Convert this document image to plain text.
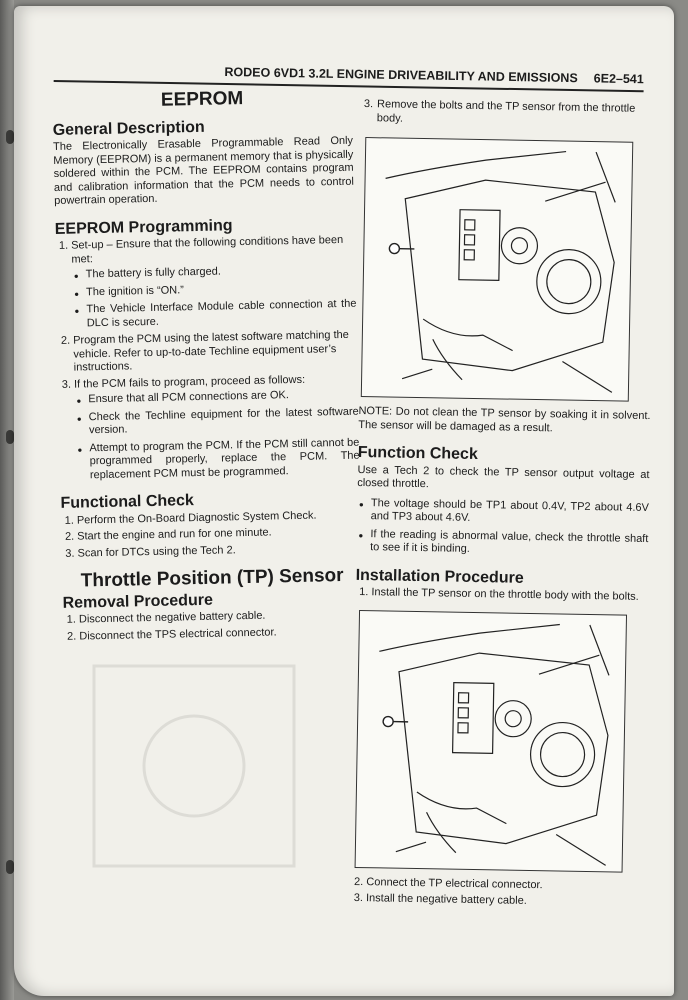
RODEO 6VD1 3.2L ENGINE DRIVEABILITY AND EMISSIONS 6E2–541
EEPROM
General Description

The Electronically Erasable Programmable Read Only Memory (EEPROM) is a permanent memory that is physically soldered within the PCM. The EEPROM contains program and calibration information that the PCM needs to control powertrain operation.

EEPROM Programming
1. Set-up – Ensure that the following conditions have been met:
● The battery is fully charged.
● The ignition is “ON.”
● The Vehicle Interface Module cable connection at the DLC is secure.
2. Program the PCM using the latest software matching the vehicle. Refer to up-to-date Techline equipment user’s instructions.
3. If the PCM fails to program, proceed as follows:
● Ensure that all PCM connections are OK.
● Check the Techline equipment for the latest software version.
● Attempt to program the PCM. If the PCM still cannot be programmed properly, replace the PCM. The replacement PCM must be programmed.
Functional Check
1. Perform the On-Board Diagnostic System Check.
2. Start the engine and run for one minute.
3. Scan for DTCs using the Tech 2.
Throttle Position (TP) Sensor
Removal Procedure
1. Disconnect the negative battery cable.
2. Disconnect the TPS electrical connector.
3. Remove the bolts and the TP sensor from the throttle body.

NOTE: Do not clean the TP sensor by soaking it in solvent. The sensor will be damaged as a result.

Function Check

Use a Tech 2 to check the TP sensor output voltage at closed throttle.

● The voltage should be TP1 about 0.4V, TP2 about 4.6V and TP3 about 4.6V.
● If the reading is abnormal value, check the throttle shaft to see if it is binding.
Installation Procedure
1. Install the TP sensor on the throttle body with the bolts.
2. Connect the TP electrical connector.
3. Install the negative battery cable.
